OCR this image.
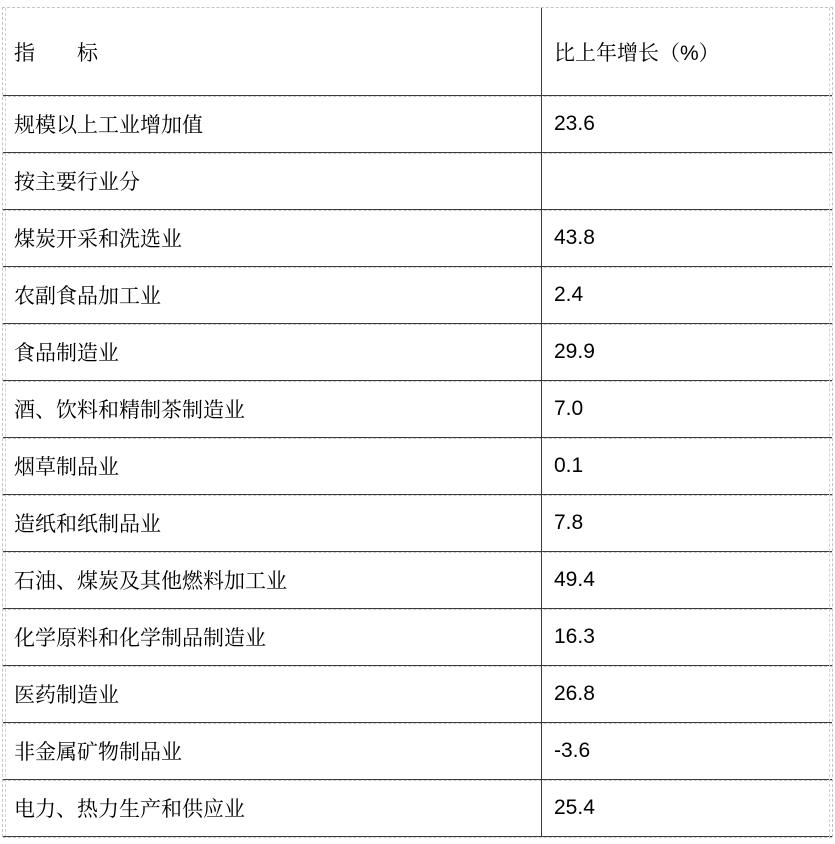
指　　标	比上年增长（%）
规模以上工业增加值	23.6
按主要行业分
煤炭开采和洗选业	43.8
农副食品加工业	2.4
食品制造业	29.9
酒、饮料和精制茶制造业	7.0
烟草制品业	0.1
造纸和纸制品业	7.8
石油、煤炭及其他燃料加工业	49.4
化学原料和化学制品制造业	16.3
医药制造业	26.8
非金属矿物制品业	-3.6
电力、热力生产和供应业	25.4
